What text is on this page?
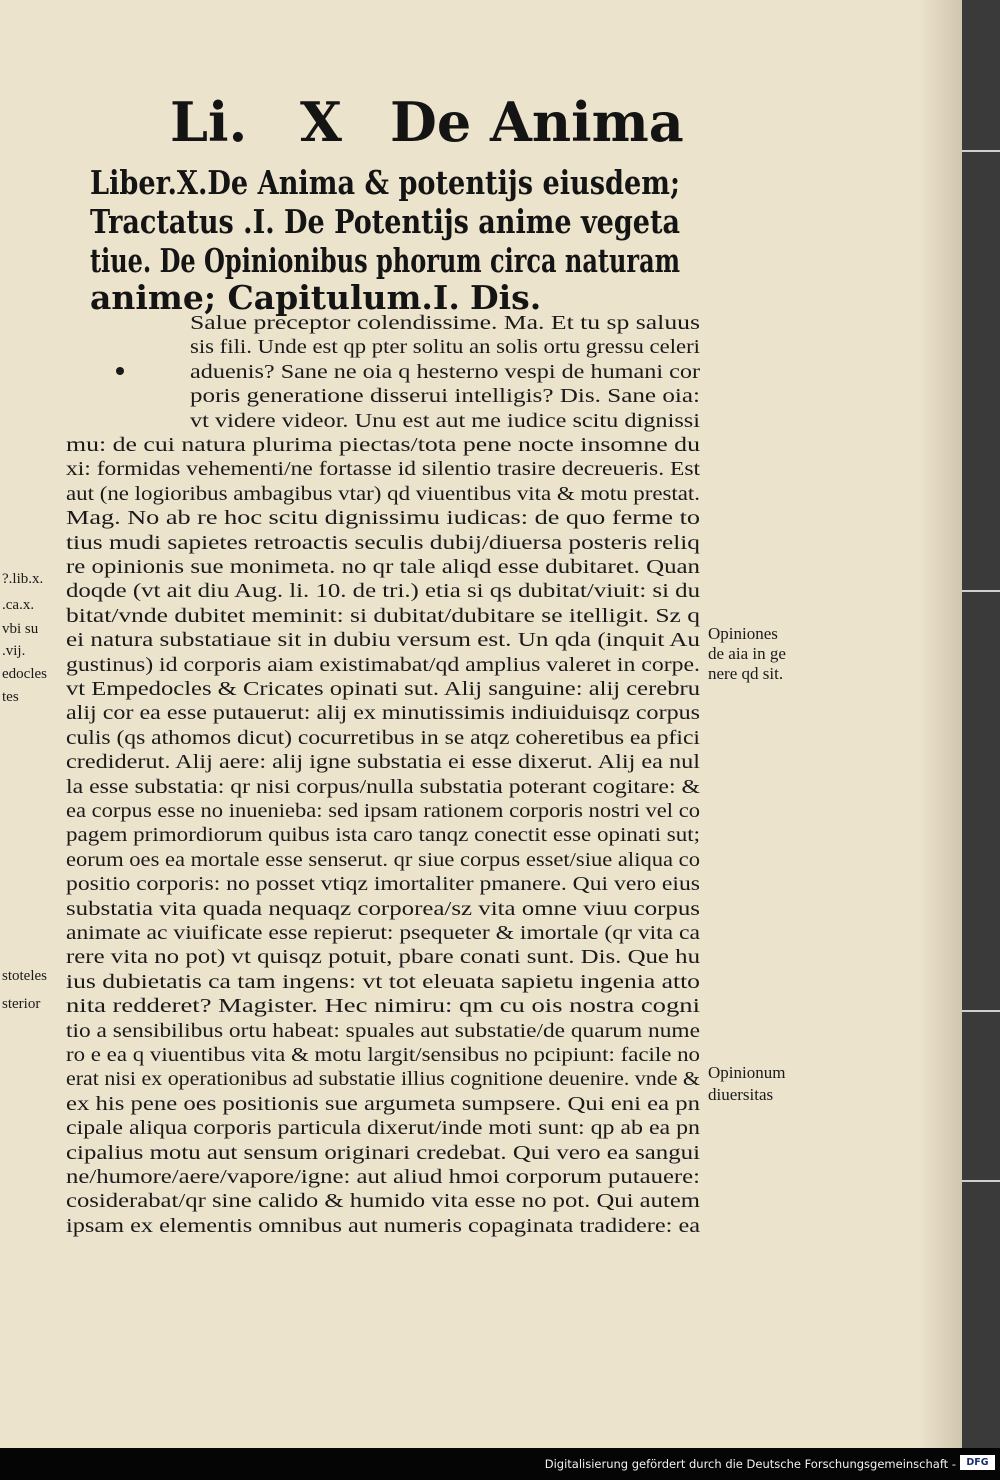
Li. X De Anima
Liber.X.De Anima & potentijs eiusdem;
Tractatus .I. De Potentijs anime vegeta
tiue. De Opinionibus phorum circa naturam
anime; Capitulum.I. Dis.

Salue preceptor colendissime. Ma. Et tu sp saluus

sis fili. Unde est qp pter solitu an solis ortu gressu celeri

aduenis? Sane ne oia q hesterno vespi de humani cor

poris generatione disserui intelligis? Dis. Sane oia:

vt videre videor. Unu est aut me iudice scitu dignissi

mu: de cui natura plurima piectas/tota pene nocte insomne du

xi: formidas vehementi/ne fortasse id silentio trasire decreueris. Est

aut (ne logioribus ambagibus vtar) qd viuentibus vita & motu prestat.

Mag. No ab re hoc scitu dignissimu iudicas: de quo ferme to

tius mudi sapietes retroactis seculis dubij/diuersa posteris reliq

re opinionis sue monimeta. no qr tale aliqd esse dubitaret. Quan

doqde (vt ait diu Aug. li. 10. de tri.) etia si qs dubitat/viuit: si du

bitat/vnde dubitet meminit: si dubitat/dubitare se itelligit. Sz q

ei natura substatiaue sit in dubiu versum est. Un qda (inquit Au

gustinus) id corporis aiam existimabat/qd amplius valeret in corpe.

vt Empedocles & Cricates opinati sut. Alij sanguine: alij cerebru

alij cor ea esse putauerut: alij ex minutissimis indiuiduisqz corpus

culis (qs athomos dicut) cocurretibus in se atqz coheretibus ea pfici

crediderut. Alij aere: alij igne substatia ei esse dixerut. Alij ea nul

la esse substatia: qr nisi corpus/nulla substatia poterant cogitare: &

ea corpus esse no inuenieba: sed ipsam rationem corporis nostri vel co

pagem primordiorum quibus ista caro tanqz conectit esse opinati sut;

eorum oes ea mortale esse senserut. qr siue corpus esset/siue aliqua co

positio corporis: no posset vtiqz imortaliter pmanere. Qui vero eius

substatia vita quada nequaqz corporea/sz vita omne viuu corpus

animate ac viuificate esse repierut: psequeter & imortale (qr vita ca

rere vita no pot) vt quisqz potuit, pbare conati sunt. Dis. Que hu

ius dubietatis ca tam ingens: vt tot eleuata sapietu ingenia atto

nita redderet? Magister. Hec nimiru: qm cu ois nostra cogni

tio a sensibilibus ortu habeat: spuales aut substatie/de quarum nume

ro e ea q viuentibus vita & motu largit/sensibus no pcipiunt: facile no

erat nisi ex operationibus ad substatie illius cognitione deuenire. vnde &

ex his pene oes positionis sue argumeta sumpsere. Qui eni ea pn

cipale aliqua corporis particula dixerut/inde moti sunt: qp ab ea pn

cipalius motu aut sensum originari credebat. Qui vero ea sangui

ne/humore/aere/vapore/igne: aut aliud hmoi corporum putauere:

cosiderabat/qr sine calido & humido vita esse no pot. Qui autem

ipsam ex elementis omnibus aut numeris copaginata tradidere: ea

Opiniones
de aia in ge
nere qd sit.
Opinionum
diuersitas
?.lib.x.
.ca.x.
vbi su
.vij.
edocles
tes
stoteles
sterior
Digitalisierung gefördert durch die Deutsche Forschungsgemeinschaft -	DFG
